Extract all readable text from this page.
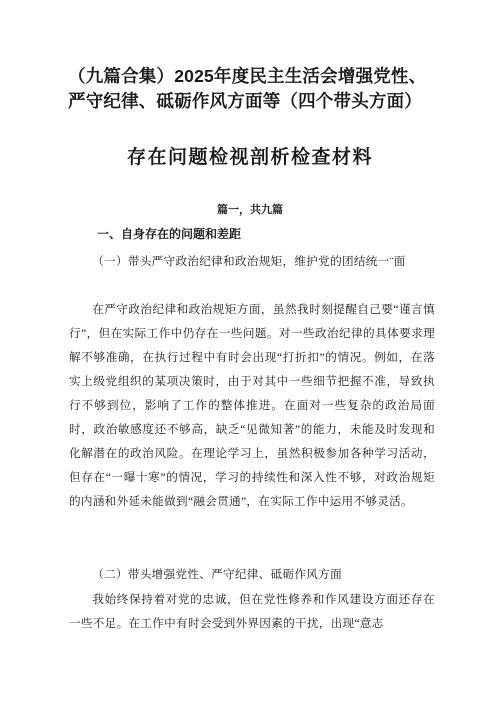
（九篇合集）2025年度民主生活会增强党性、严守纪律、砥砺作风方面等（四个带头方面）
存在问题检视剖析检查材料
篇一，共九篇
一、自身存在的问题和差距

（一）带头严守政治纪律和政治规矩，维护党的团结统一¨面

在严守政治纪律和政治规矩方面，虽然我时刻提醒自己要“谨言慎行”，但在实际工作中仍存在一些问题。对一些政治纪律的具体要求理解不够准确，在执行过程中有时会出现“打折扣”的情况。例如，在落实上级党组织的某项决策时，由于对其中一些细节把握不准，导致执行不够到位，影响了工作的整体推进。在面对一些复杂的政治局面时，政治敏感度还不够高，缺乏“见微知著”的能力，未能及时发现和化解潜在的政治风险。在理论学习上，虽然积极参加各种学习活动，但存在“一曝十寒”的情况，学习的持续性和深入性不够，对政治规矩的内涵和外延未能做到“融会贯通”，在实际工作中运用不够灵活。

（二）带头增强党性、严守纪律、砥砺作风方面

我始终保持着对党的忠诚，但在党性修养和作风建设方面还存在一些不足。在工作中有时会受到外界因素的干扰，出现“意志
